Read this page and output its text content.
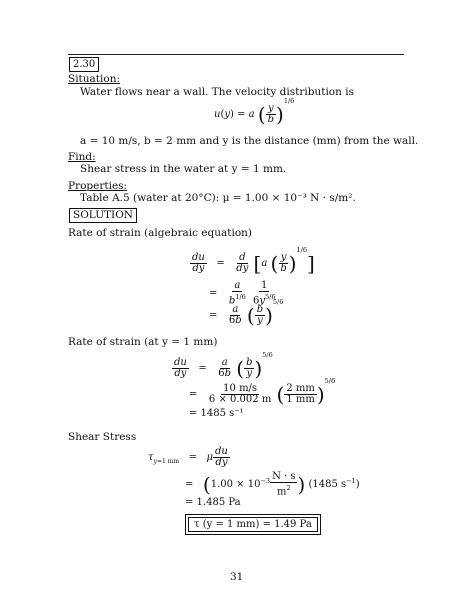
2.30
Situation:
Water flows near a wall. The velocity distribution is
u(y) = a ( $\frac{y}{b} )^{1/6}$
a = 10 m/s, b = 2 mm and y is the distance (mm) from the wall.
Find:
Shear stress in the water at y = 1 mm.
Properties:
Table A.5 (water at 20°C): μ = 1.00 × 10⁻³ N · s/m².
SOLUTION
Rate of strain (algebraic equation)
$\frac{du}{dy} = \frac{d}{dy} [a$ ( $\frac{y}{b} )^{1/6}$]
= $\frac{a}{b^{1/6}}$
$\frac{1}{6y^{5/6}}$
= $\frac{a}{6b}$ ( $\frac{b}{y} )^{5/6}$
Rate of strain (at y = 1 mm)
$\frac{du}{dy} = \frac{a}{6b}$ ( $\frac{b}{y} )^{5/6}$
= $\frac{10 m/s}{6 \times 0.002 m}$ ( $\frac{2 mm}{1 mm} )^{5/6}$
= 1485 s⁻¹
Shear Stress
$\tau_{y=1 mm} = \mu \frac{du}{dy}$
=   ($1.00 \times 10^{-3} \frac{N \cdot s}{m^2}$ ) (1485 $s^{-1}$)
= 1.485 Pa
τ (y = 1 mm) = 1.49 Pa
31
